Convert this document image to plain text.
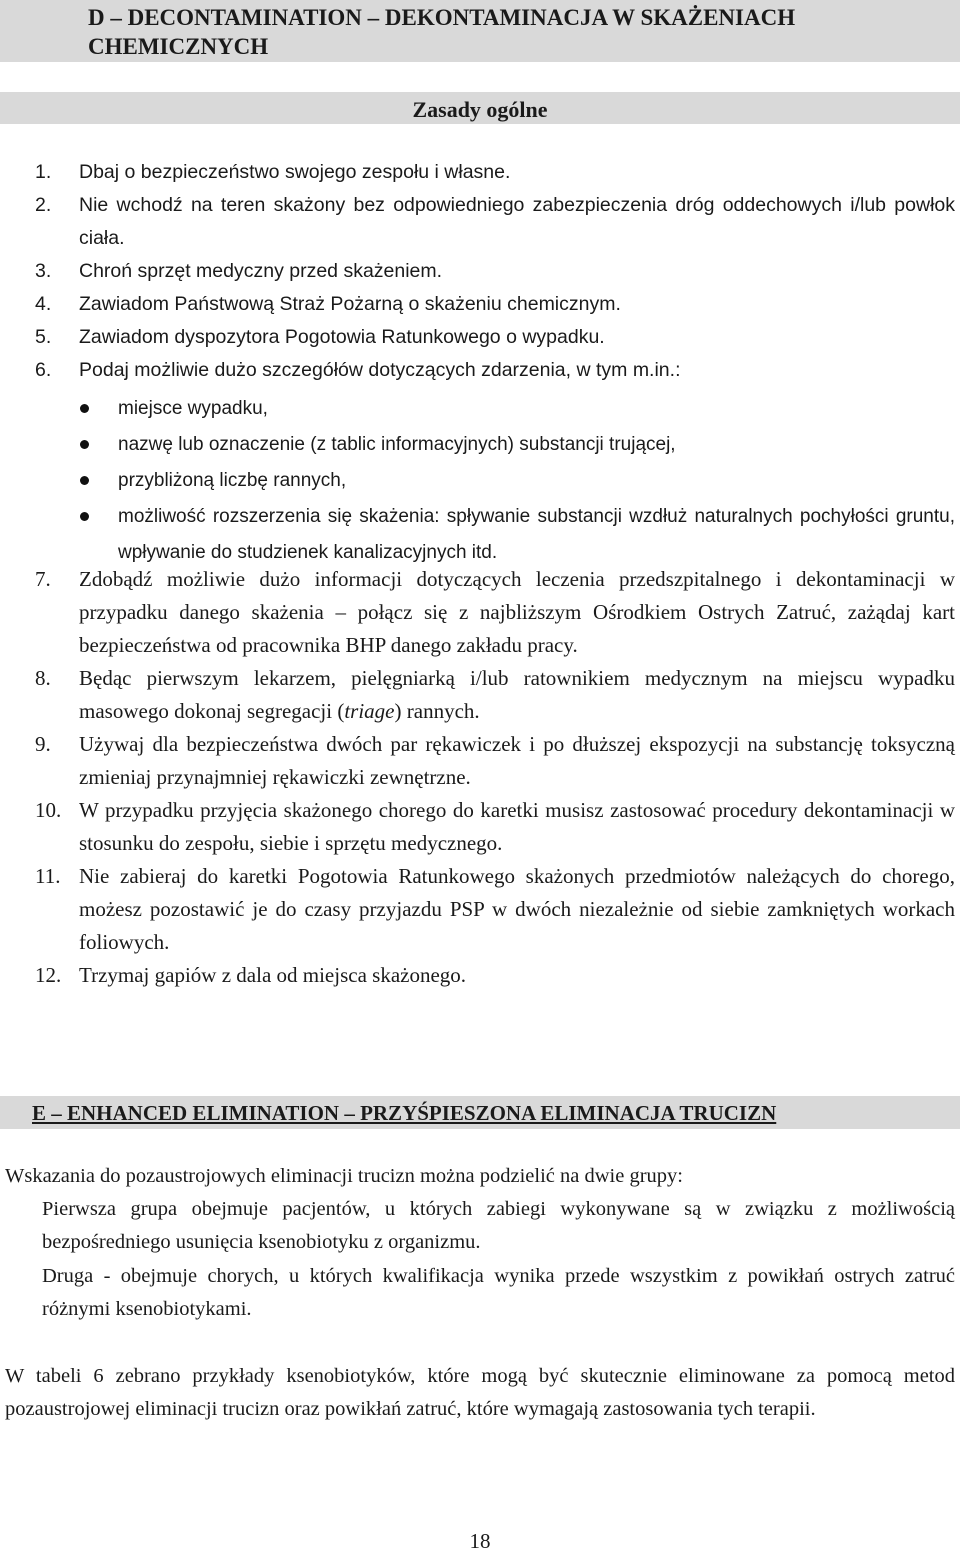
D – DECONTAMINATION – DEKONTAMINACJA W SKAŻENIACH CHEMICZNYCH

Zasady ogólne

1. Dbaj o bezpieczeństwo swojego zespołu i własne.
2. Nie wchodź na teren skażony bez odpowiedniego zabezpieczenia dróg oddechowych i/lub powłok ciała.
3. Chroń sprzęt medyczny przed skażeniem.
4. Zawiadom Państwową Straż Pożarną o skażeniu chemicznym.
5. Zawiadom dyspozytora Pogotowia Ratunkowego o wypadku.
6. Podaj możliwie dużo szczegółów dotyczących zdarzenia, w tym m.in.:
miejsce wypadku,
nazwę lub oznaczenie (z tablic informacyjnych) substancji trującej,
przybliżoną liczbę rannych,
możliwość rozszerzenia się skażenia: spływanie substancji wzdłuż naturalnych pochyłości gruntu, wpływanie do studzienek kanalizacyjnych itd.
7. Zdobądź możliwie dużo informacji dotyczących leczenia przedszpitalnego i dekontaminacji w przypadku danego skażenia – połącz się z najbliższym Ośrodkiem Ostrych Zatruć, zażądaj kart bezpieczeństwa od pracownika BHP danego zakładu pracy.
8. Będąc pierwszym lekarzem, pielęgniarką i/lub ratownikiem medycznym na miejscu wypadku masowego dokonaj segregacji (triage) rannych.
9. Używaj dla bezpieczeństwa dwóch par rękawiczek i po dłuższej ekspozycji na substancję toksyczną zmieniaj przynajmniej rękawiczki zewnętrzne.
10. W przypadku przyjęcia skażonego chorego do karetki musisz zastosować procedury dekontaminacji w stosunku do zespołu, siebie i sprzętu medycznego.
11. Nie zabieraj do karetki Pogotowia Ratunkowego skażonych przedmiotów należących do chorego, możesz pozostawić je do czasy przyjazdu PSP w dwóch niezależnie od siebie zamkniętych workach foliowych.
12. Trzymaj gapiów z dala od miejsca skażonego.

E – ENHANCED ELIMINATION – PRZYŚPIESZONA ELIMINACJA TRUCIZN

Wskazania do pozaustrojowych eliminacji trucizn można podzielić na dwie grupy:

Pierwsza grupa obejmuje pacjentów, u których zabiegi wykonywane są w związku z możliwością bezpośredniego usunięcia ksenobiotyku z organizmu.

Druga - obejmuje chorych, u których kwalifikacja wynika przede wszystkim z powikłań ostrych zatruć różnymi ksenobiotykami.

W tabeli 6 zebrano przykłady ksenobiotyków, które mogą być skutecznie eliminowane za pomocą metod pozaustrojowej eliminacji trucizn oraz powikłań zatruć, które wymagają zastosowania tych terapii.

18
